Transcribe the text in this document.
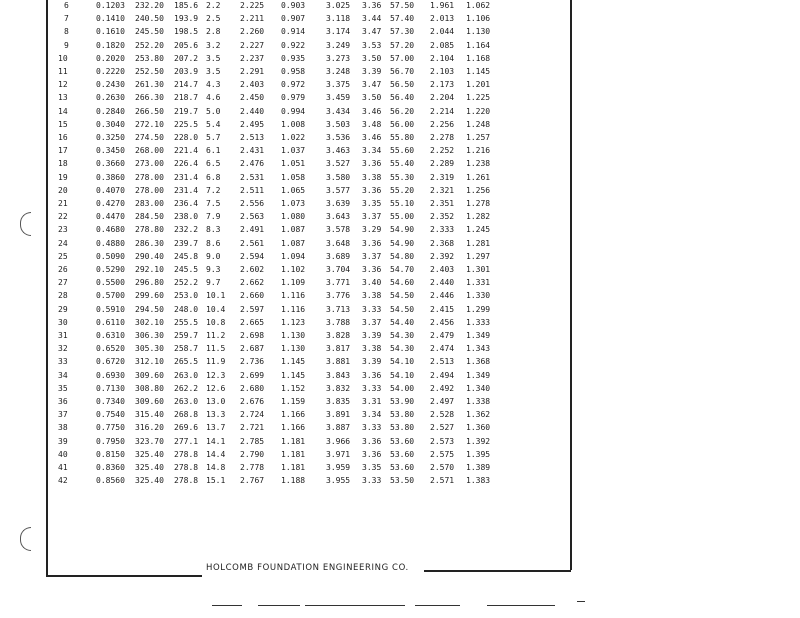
HOLCOMB FOUNDATION ENGINEERING CO.
6	0.1203 232.20 185.6 2.2 2.225 0.903	3.025 3.36 57.50 1.961 1.062
7	0.1410 240.50 193.9 2.5 2.211 0.907	3.118 3.44 57.40 2.013 1.106
8	0.1610 245.50 198.5 2.8 2.260 0.914	3.174 3.47 57.30 2.044 1.130
9	0.1820 252.20 205.6 3.2 2.227 0.922	3.249 3.53 57.20 2.085 1.164
10	0.2020 253.80 207.2 3.5 2.237 0.935	3.273 3.50 57.00 2.104 1.168
11	0.2220 252.50 203.9 3.5 2.291 0.958	3.248 3.39 56.70 2.103 1.145
12	0.2430 261.30 214.7 4.3 2.403 0.972	3.375 3.47 56.50 2.173 1.201
13	0.2630 266.30 218.7 4.6 2.450 0.979	3.459 3.50 56.40 2.204 1.225
14	0.2840 266.50 219.7 5.0 2.440 0.994	3.434 3.46 56.20 2.214 1.220
15	0.3040 272.10 225.5 5.4 2.495 1.008	3.503 3.48 56.00 2.256 1.248
16	0.3250 274.50 228.0 5.7 2.513 1.022	3.536 3.46 55.80 2.278 1.257
17	0.3450 268.00 221.4 6.1 2.431 1.037	3.463 3.34 55.60 2.252 1.216
18	0.3660 273.00 226.4 6.5 2.476 1.051	3.527 3.36 55.40 2.289 1.238
19	0.3860 278.00 231.4 6.8 2.531 1.058	3.580 3.38 55.30 2.319 1.261
20	0.4070 278.00 231.4 7.2 2.511 1.065	3.577 3.36 55.20 2.321 1.256
21	0.4270 283.00 236.4 7.5 2.556 1.073	3.639 3.35 55.10 2.351 1.278
22	0.4470 284.50 238.0 7.9 2.563 1.080	3.643 3.37 55.00 2.352 1.282
23	0.4680 278.80 232.2 8.3 2.491 1.087	3.578 3.29 54.90 2.333 1.245
24	0.4880 286.30 239.7 8.6 2.561 1.087	3.648 3.36 54.90 2.368 1.281
25	0.5090 290.40 245.8 9.0 2.594 1.094	3.689 3.37 54.80 2.392 1.297
26	0.5290 292.10 245.5 9.3 2.602 1.102	3.704 3.36 54.70 2.403 1.301
27	0.5500 296.80 252.2 9.7 2.662 1.109	3.771 3.40 54.60 2.440 1.331
28	0.5700 299.60 253.0 10.1 2.660 1.116	3.776 3.38 54.50 2.446 1.330
29	0.5910 294.50 248.0 10.4 2.597 1.116	3.713 3.33 54.50 2.415 1.299
30	0.6110 302.10 255.5 10.8 2.665 1.123	3.788 3.37 54.40 2.456 1.333
31	0.6310 306.30 259.7 11.2 2.698 1.130	3.828 3.39 54.30 2.479 1.349
32	0.6520 305.30 258.7 11.5 2.687 1.130	3.817 3.38 54.30 2.474 1.343
33	0.6720 312.10 265.5 11.9 2.736 1.145	3.881 3.39 54.10 2.513 1.368
34	0.6930 309.60 263.0 12.3 2.699 1.145	3.843 3.36 54.10 2.494 1.349
35	0.7130 308.80 262.2 12.6 2.680 1.152	3.832 3.33 54.00 2.492 1.340
36	0.7340 309.60 263.0 13.0 2.676 1.159	3.835 3.31 53.90 2.497 1.338
37	0.7540 315.40 268.8 13.3 2.724 1.166	3.891 3.34 53.80 2.528 1.362
38	0.7750 316.20 269.6 13.7 2.721 1.166	3.887 3.33 53.80 2.527 1.360
39	0.7950 323.70 277.1 14.1 2.785 1.181	3.966 3.36 53.60 2.573 1.392
40	0.8150 325.40 278.8 14.4 2.790 1.181	3.971 3.36 53.60 2.575 1.395
41	0.8360 325.40 278.8 14.8 2.778 1.181	3.959 3.35 53.60 2.570 1.389
42	0.8560 325.40 278.8 15.1 2.767 1.188	3.955 3.33 53.50 2.571 1.383
